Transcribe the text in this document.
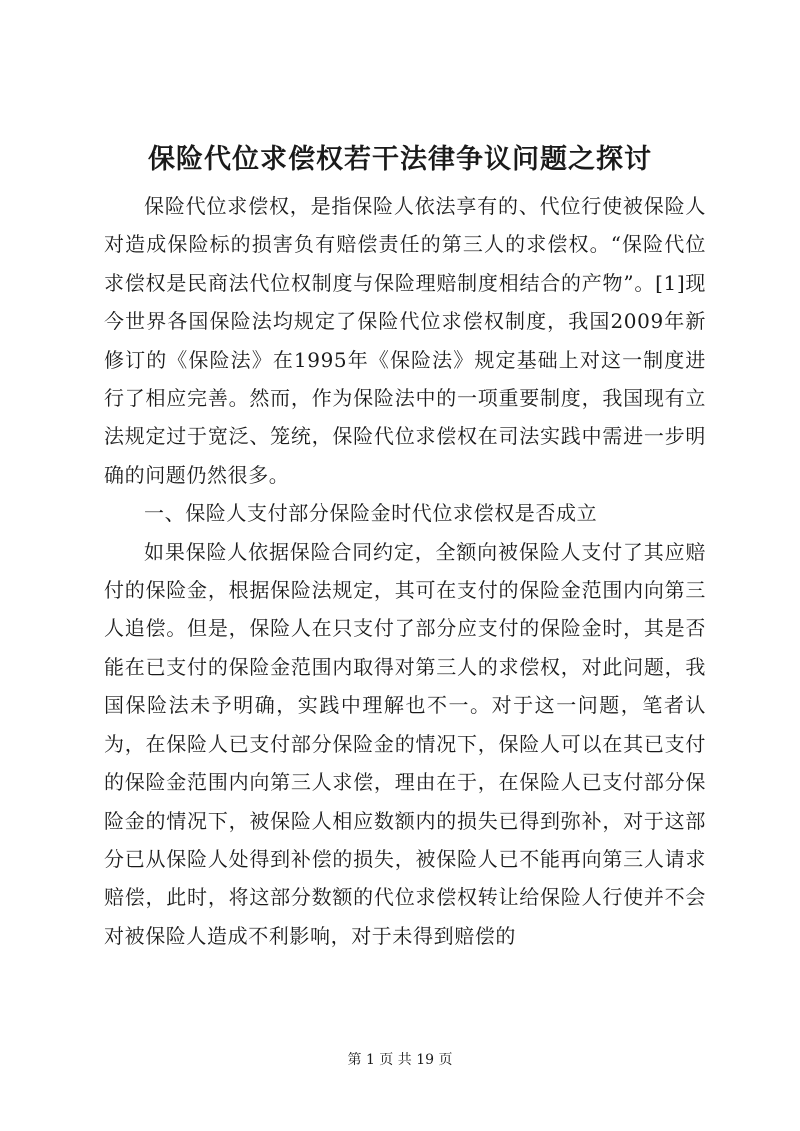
保险代位求偿权若干法律争议问题之探讨

保险代位求偿权，是指保险人依法享有的、代位行使被保险人对造成保险标的损害负有赔偿责任的第三人的求偿权。“保险代位求偿权是民商法代位权制度与保险理赔制度相结合的产物”。[1]现今世界各国保险法均规定了保险代位求偿权制度，我国2009年新修订的《保险法》在1995年《保险法》规定基础上对这一制度进行了相应完善。然而，作为保险法中的一项重要制度，我国现有立法规定过于宽泛、笼统，保险代位求偿权在司法实践中需进一步明确的问题仍然很多。

一、保险人支付部分保险金时代位求偿权是否成立

如果保险人依据保险合同约定，全额向被保险人支付了其应赔付的保险金，根据保险法规定，其可在支付的保险金范围内向第三人追偿。但是，保险人在只支付了部分应支付的保险金时，其是否能在已支付的保险金范围内取得对第三人的求偿权，对此问题，我国保险法未予明确，实践中理解也不一。对于这一问题，笔者认为，在保险人已支付部分保险金的情况下，保险人可以在其已支付的保险金范围内向第三人求偿，理由在于，在保险人已支付部分保险金的情况下，被保险人相应数额内的损失已得到弥补，对于这部分已从保险人处得到补偿的损失，被保险人已不能再向第三人请求赔偿，此时，将这部分数额的代位求偿权转让给保险人行使并不会对被保险人造成不利影响，对于未得到赔偿的

第 1 页 共 19 页
